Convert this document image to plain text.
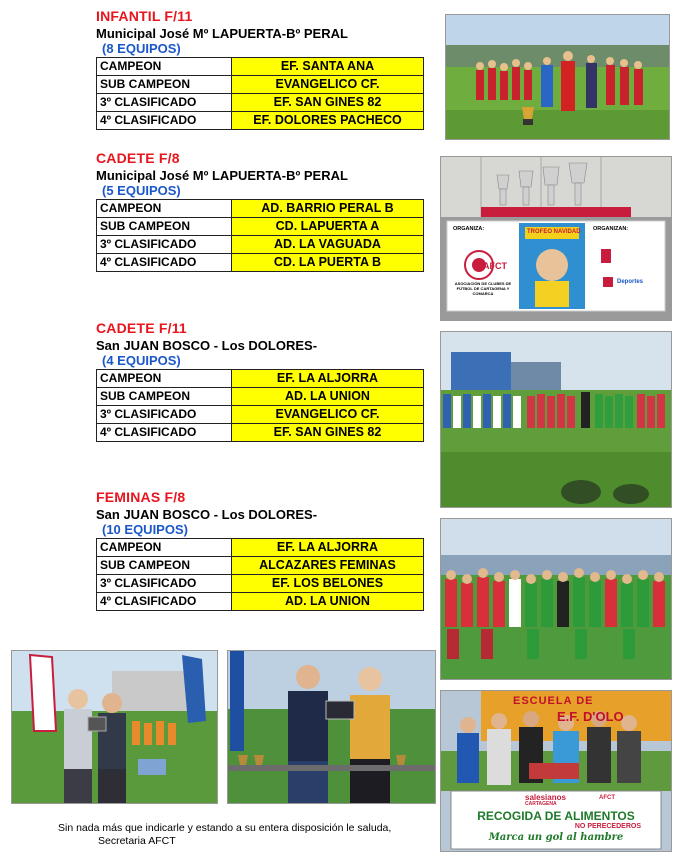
INFANTIL F/11
Municipal José Mº LAPUERTA-Bº PERAL
(8 EQUIPOS)
CAMPEON	EF. SANTA ANA
SUB CAMPEON	EVANGELICO CF.
3º CLASIFICADO	EF. SAN GINES 82
4º CLASIFICADO	EF. DOLORES PACHECO
CADETE F/8
Municipal José Mº LAPUERTA-Bº PERAL
(5 EQUIPOS)
CAMPEON	AD. BARRIO PERAL B
SUB CAMPEON	CD. LAPUERTA A
3º CLASIFICADO	AD. LA VAGUADA
4º CLASIFICADO	CD. LA PUERTA B
CADETE F/11
San JUAN BOSCO - Los DOLORES-
(4 EQUIPOS)
CAMPEON	EF. LA ALJORRA
SUB CAMPEON	AD. LA UNION
3º CLASIFICADO	EVANGELICO CF.
4º CLASIFICADO	EF. SAN GINES 82
FEMINAS F/8
San JUAN BOSCO - Los DOLORES-
(10 EQUIPOS)
CAMPEON	EF. LA ALJORRA
SUB CAMPEON	ALCAZARES FEMINAS
3º CLASIFICADO	EF. LOS BELONES
4º CLASIFICADO	AD. LA UNION
ORGANIZA:	ORGANIZAN:
AFCT
ASOCIACIÓN DE CLUBES DE FÚTBOL DE CARTAGENA Y COMARCA
TROFEO NAVIDAD
Deportes
ESCUELA DE
E.F. D'OLO
salesianos
CARTAGENA
AFCT
RECOGIDA DE ALIMENTOS
NO PERECEDEROS
Marca un gol al hambre
Sin nada más que indicarle y estando a su entera disposición le saluda,
Secretaria AFCT
